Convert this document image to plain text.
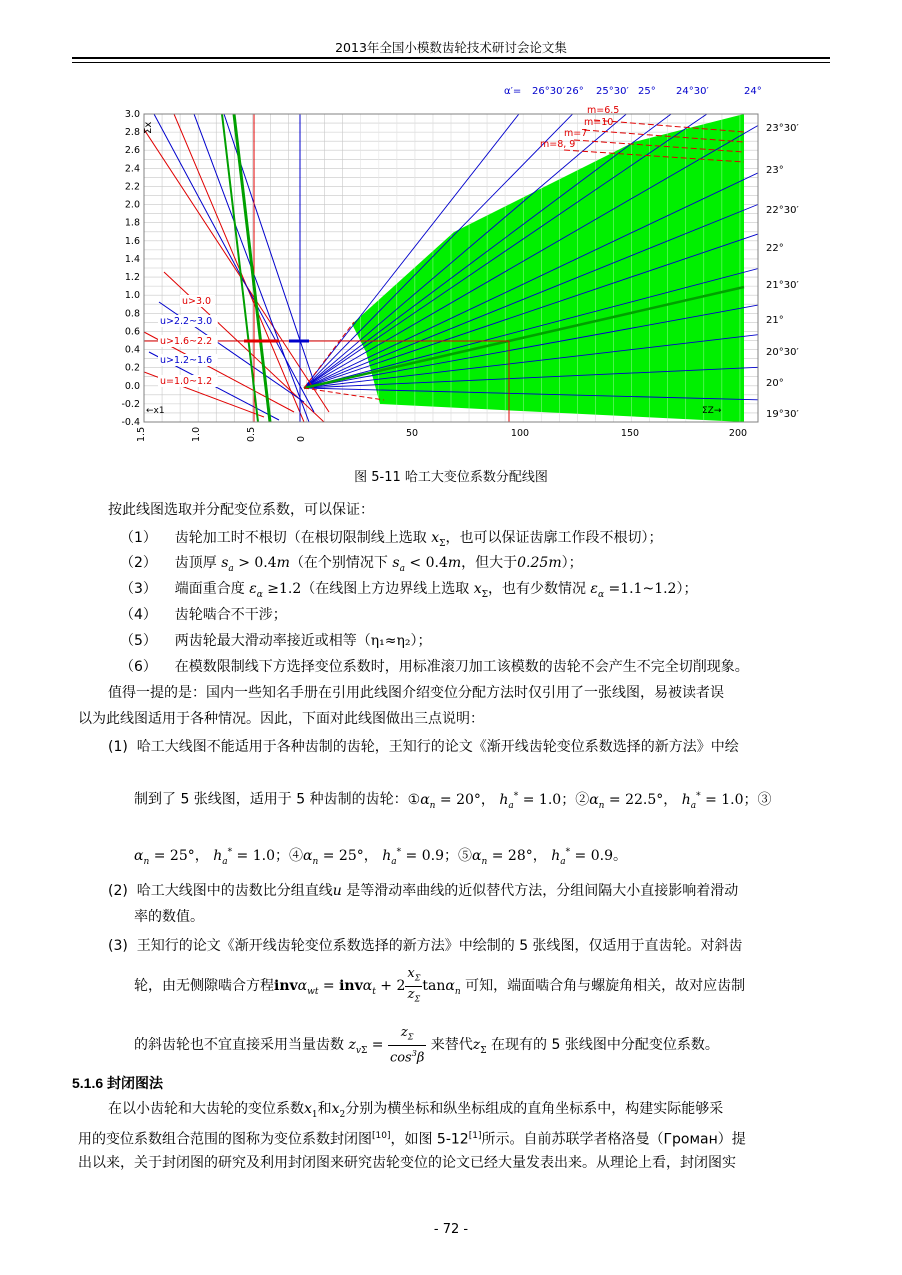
2013年全国小模数齿轮技术研讨会论文集
3.0
2.8
2.6
2.4
2.2
2.0
1.8
1.6
1.4
1.2
1.0
0.8
0.6
0.4
0.2
0.0
-0.2
-0.4
1.5	1.0	0.5	0	50	100	150	200
26°30′ 26° 25°30′ 25° 24°30′	24°
23°30′
23°
22°30′
22°
21°30′
21°
20°30′
20°
19°30′
m=6.5
m=10
m=7
m=8, 9
u>3.0
u>2.2~3.0
u>1.6~2.2
u>1.2~1.6
u=1.0~1.2
α′=
Σx
←x1	ΣZ→
图 5-11 哈工大变位系数分配线图
按此线图选取并分配变位系数，可以保证：
（1） 齿轮加工时不根切（在根切限制线上选取 $x_\Sigma$，也可以保证齿廓工作段不根切）；
（2） 齿顶厚 $s_a > 0.4m$（在个别情况下 $s_a < 0.4m$，但大于0.25m）；
（3） 端面重合度 $\varepsilon_\alpha \ge 1.2$（在线图上方边界线上选取 $x_\Sigma$，也有少数情况 $\varepsilon_\alpha$ =1.1~1.2）；
（4） 齿轮啮合不干涉；
（5） 两齿轮最大滑动率接近或相等（η₁≈η₂）；
（6） 在模数限制线下方选择变位系数时，用标准滚刀加工该模数的齿轮不会产生不完全切削现象。
值得一提的是：国内一些知名手册在引用此线图介绍变位分配方法时仅引用了一张线图，易被读者误
以为此线图适用于各种情况。因此，下面对此线图做出三点说明：
(1) 哈工大线图不能适用于各种齿制的齿轮，王知行的论文《渐开线齿轮变位系数选择的新方法》中绘
制到了 5 张线图，适用于 5 种齿制的齿轮：$①\alpha_n = 20^\circ$， $h_a^* = 1.0$；$②\alpha_n = 22.5^\circ$， $h_a^* = 1.0$；③
$\alpha_n = 25^\circ$， $h_a^* = 1.0$；$④\alpha_n = 25^\circ$， $h_a^* = 0.9$；$⑤\alpha_n = 28^\circ$， $h_a^* = 0.9$。
(2) 哈工大线图中的齿数比分组直线u 是等滑动率曲线的近似替代方法，分组间隔大小直接影响着滑动
率的数值。
(3) 王知行的论文《渐开线齿轮变位系数选择的新方法》中绘制的 5 张线图，仅适用于直齿轮。对斜齿
轮，由无侧隙啮合方程$inv\alpha_{wt} = inv\alpha_t + 2 \frac{x_\Sigma}{z_\Sigma} \tan\alpha_n$ 可知，端面啮合角与螺旋角相关，故对应齿制
的斜齿轮也不宜直接采用当量齿数 $z_{v\Sigma} = \frac{z_\Sigma}{\cos^3\beta}$ 来替代$z_\Sigma$ 在现有的 5 张线图中分配变位系数。
5.1.6 封闭图法
在以小齿轮和大齿轮的变位系数$x_1$和$x_2$分别为横坐标和纵坐标组成的直角坐标系中，构建实际能够采
用的变位系数组合范围的图称为变位系数封闭图[10]，如图 5-12[1]所示。自前苏联学者格洛曼（Громан）提
出以来，关于封闭图的研究及利用封闭图来研究齿轮变位的论文已经大量发表出来。从理论上看，封闭图实
- 72 -
